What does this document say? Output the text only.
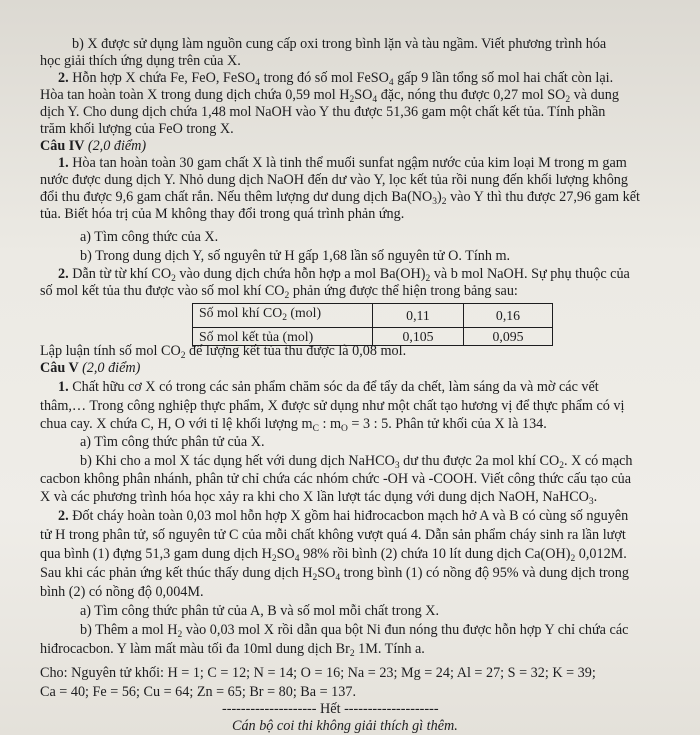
b) X được sử dụng làm nguồn cung cấp oxi trong bình lặn và tàu ngầm. Viết phương trình hóa
học giải thích ứng dụng trên của X.
2. Hỗn hợp X chứa Fe, FeO, FeSO$_4$ trong đó số mol FeSO$_4$ gấp 9 lần tổng số mol hai chất còn lại.
Hòa tan hoàn toàn X trong dung dịch chứa 0,59 mol $H_2SO_4$ đặc, nóng thu được 0,27 mol $SO_2$ và dung
dịch Y. Cho dung dịch chứa 1,48 mol NaOH vào Y thu được 51,36 gam một chất kết tủa. Tính phần
trăm khối lượng của FeO trong X.
Câu IV (2,0 điểm)
1. Hòa tan hoàn toàn 30 gam chất X là tinh thể muối sunfat ngậm nước của kim loại M trong m gam
nước được dung dịch Y. Nhỏ dung dịch NaOH đến dư vào Y, lọc kết tủa rồi nung đến khối lượng không
đổi thu được 9,6 gam chất rắn. Nếu thêm lượng dư dung dịch $Ba(NO_3)_2$ vào Y thì thu được 27,96 gam kết
tủa. Biết hóa trị của M không thay đổi trong quá trình phản ứng.
a) Tìm công thức của X.
b) Trong dung dịch Y, số nguyên tử H gấp 1,68 lần số nguyên tử O. Tính m.
2. Dẫn từ từ khí $CO_2$ vào dung dịch chứa hỗn hợp a mol $Ba(OH)_2$ và b mol NaOH. Sự phụ thuộc của
số mol kết tủa thu được vào số mol khí $CO_2$ phản ứng được thể hiện trong bảng sau:
Số mol khí $CO_2$ (mol)	0,11	0,16
Số mol kết tủa (mol)	0,105	0,095
Lập luận tính số mol $CO_2$ để lượng kết tủa thu được là 0,08 mol.
Câu V (2,0 điểm)
1. Chất hữu cơ X có trong các sản phẩm chăm sóc da để tẩy da chết, làm sáng da và mờ các vết
thâm,… Trong công nghiệp thực phẩm, X được sử dụng như một chất tạo hương vị để thực phẩm có vị
chua cay. X chứa C, H, O với tỉ lệ khối lượng $m_C$ : $m_O = 3$ : 5. Phân tử khối của X là 134.
a) Tìm công thức phân tử của X.
b) Khi cho a mol X tác dụng hết với dung dịch NaHCO$_3$ dư thu được 2a mol khí $CO_2$. X có mạch
cacbon không phân nhánh, phân tử chỉ chứa các nhóm chức -OH và -COOH. Viết công thức cấu tạo của
X và các phương trình hóa học xảy ra khi cho X lần lượt tác dụng với dung dịch NaOH, NaHCO$_3$.
2. Đốt cháy hoàn toàn 0,03 mol hỗn hợp X gồm hai hiđrocacbon mạch hở A và B có cùng số nguyên
tử H trong phân tử, số nguyên tử C của mỗi chất không vượt quá 4. Dẫn sản phẩm cháy sinh ra lần lượt
qua bình (1) đựng 51,3 gam dung dịch $H_2SO_4$ 98% rồi bình (2) chứa 10 lít dung dịch $Ca(OH)_2$ 0,012M.
Sau khi các phản ứng kết thúc thấy dung dịch $H_2SO_4$ trong bình (1) có nồng độ 95% và dung dịch trong
bình (2) có nồng độ 0,004M.
a) Tìm công thức phân tử của A, B và số mol mỗi chất trong X.
b) Thêm a mol $H_2$ vào 0,03 mol X rồi dẫn qua bột Ni đun nóng thu được hỗn hợp Y chỉ chứa các
hiđrocacbon. Y làm mất màu tối đa 10ml dung dịch $Br_2$ 1M. Tính a.
Cho: Nguyên tử khối: H = 1; C = 12; N = 14; O = 16; Na = 23; Mg = 24; Al = 27; S = 32; K = 39;
Ca = 40; Fe = 56; Cu = 64; Zn = 65; Br = 80; Ba = 137.
-------------------- Hết --------------------
Cán bộ coi thi không giải thích gì thêm.
